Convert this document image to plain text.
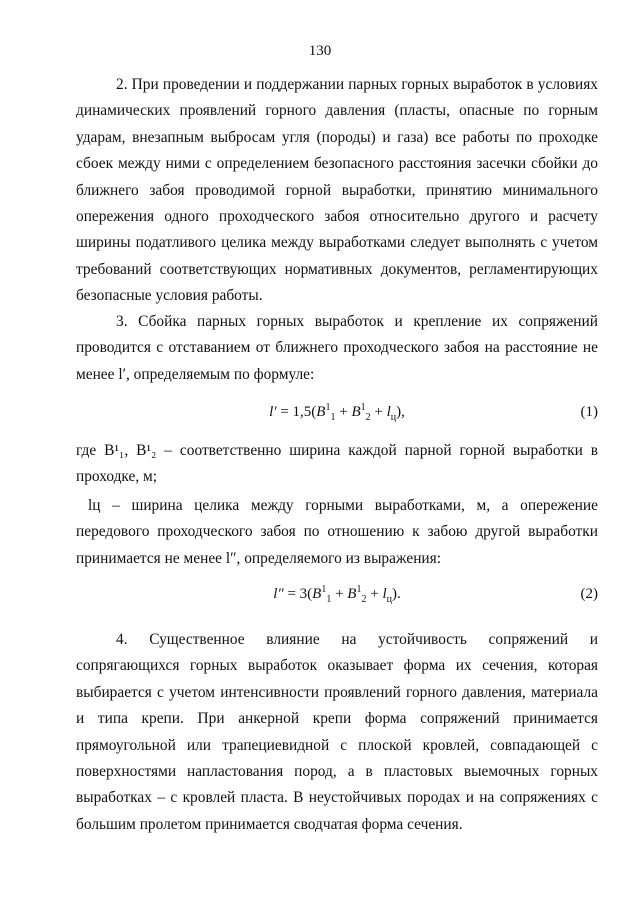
130

2. При проведении и поддержании парных горных выработок в условиях динамических проявлений горного давления (пласты, опасные по горным ударам, внезапным выбросам угля (породы) и газа) все работы по проходке сбоек между ними с определением безопасного расстояния засечки сбойки до ближнего забоя проводимой горной выработки, принятию минимального опережения одного проходческого забоя относительно другого и расчету ширины податливого целика между выработками следует выполнять с учетом требований соответствующих нормативных документов, регламентирующих безопасные условия работы.

3. Сбойка парных горных выработок и крепление их сопряжений проводится с отставанием от ближнего проходческого забоя на расстояние не менее l′, определяемым по формуле:

$l' = 1,5(B^1_1 + B^1_2 + l_ц)$,	(1)

где B¹₁, B¹₂ – соответственно ширина каждой парной горной выработки в проходке, м;

lц – ширина целика между горными выработками, м, а опережение передового проходческого забоя по отношению к забою другой выработки принимается не менее l″, определяемого из выражения:

$l'' = 3(B^1_1 + B^1_2 + l_ц)$.	(2)

4. Существенное влияние на устойчивость сопряжений и сопрягающихся горных выработок оказывает форма их сечения, которая выбирается с учетом интенсивности проявлений горного давления, материала и типа крепи. При анкерной крепи форма сопряжений принимается прямоугольной или трапециевидной с плоской кровлей, совпадающей с поверхностями напластования пород, а в пластовых выемочных горных выработках – с кровлей пласта. В неустойчивых породах и на сопряжениях с большим пролетом принимается сводчатая форма сечения.
